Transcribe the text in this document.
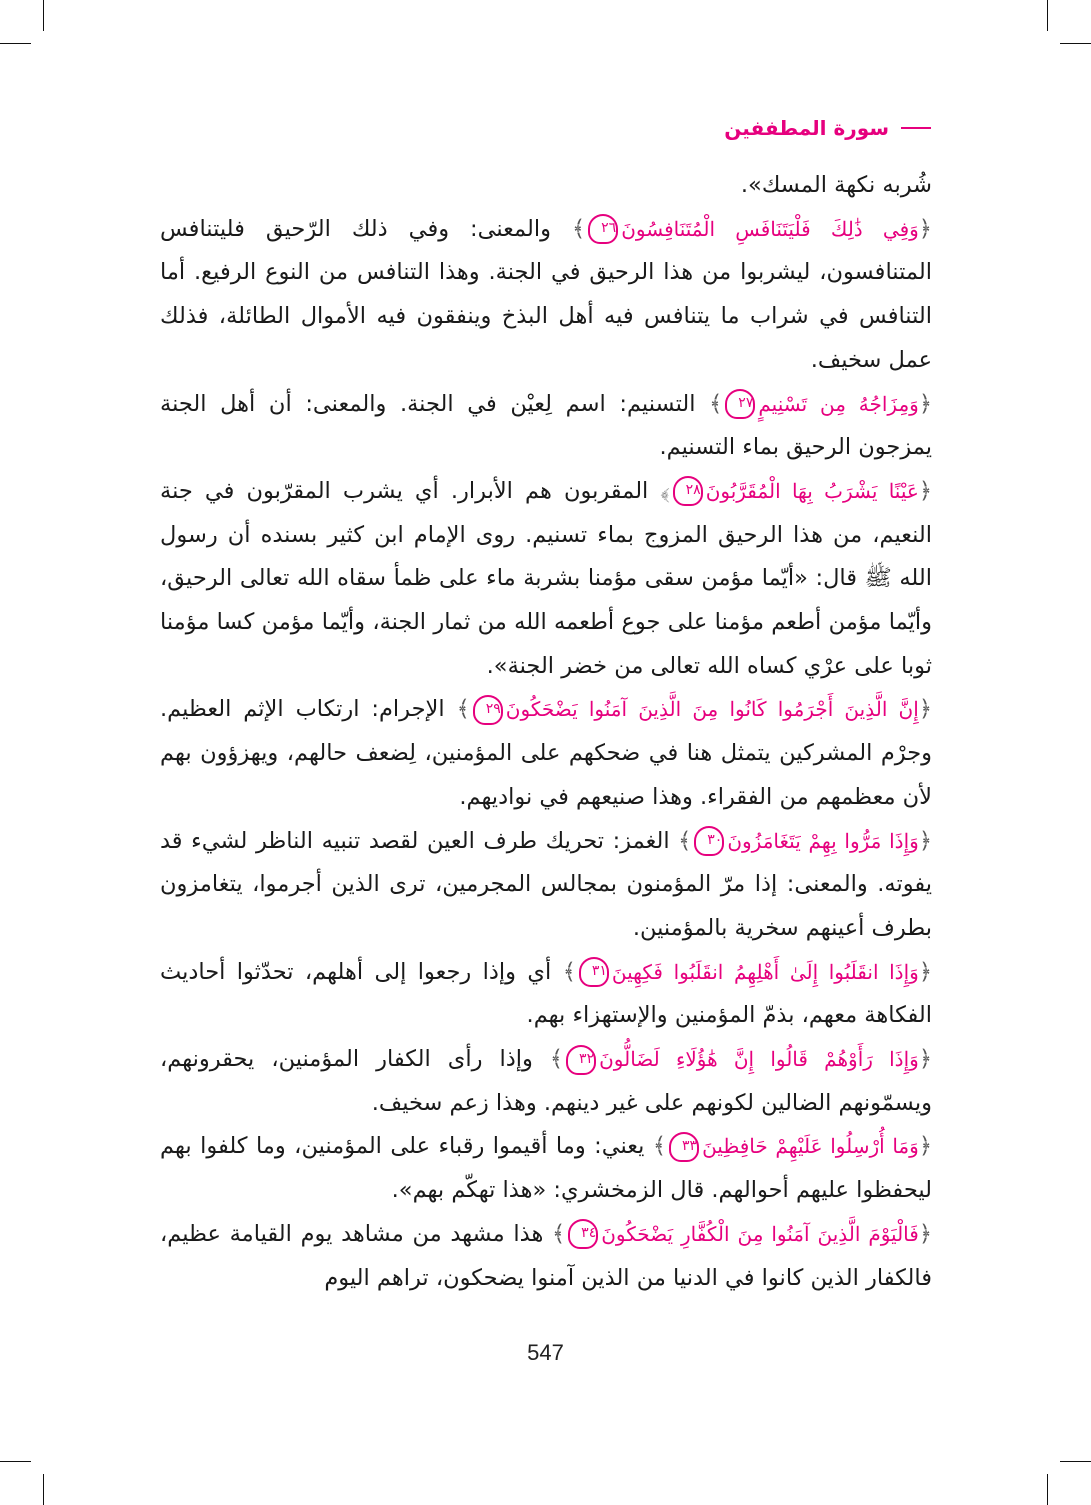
سورة المطففين

شُربه نكهة المسك».

﴿وَفِي ذَٰلِكَ فَلْيَتَنَافَسِ الْمُتَنَافِسُونَ٢٦﴾ والمعنى: وفي ذلك الرّحيق فليتنافس المتنافسون، ليشربوا من هذا الرحيق في الجنة. وهذا التنافس من النوع الرفيع. أما التنافس في شراب ما يتنافس فيه أهل البذخ وينفقون فيه الأموال الطائلة، فذلك عمل سخيف.

﴿وَمِزَاجُهُ مِن تَسْنِيمٍ٢٧﴾ التسنيم: اسم لِعيْن في الجنة. والمعنى: أن أهل الجنة يمزجون الرحيق بماء التسنيم.

﴿عَيْنًا يَشْرَبُ بِهَا الْمُقَرَّبُونَ٢٨﴾ المقربون هم الأبرار. أي يشرب المقرّبون في جنة النعيم، من هذا الرحيق المزوج بماء تسنيم. روى الإمام ابن كثير بسنده أن رسول الله ﷺ قال: «أيّما مؤمن سقى مؤمنا بشربة ماء على ظمأ سقاه الله تعالى الرحيق، وأيّما مؤمن أطعم مؤمنا على جوع أطعمه الله من ثمار الجنة، وأيّما مؤمن كسا مؤمنا ثوبا على عرْي كساه الله تعالى من خضر الجنة».

﴿إِنَّ الَّذِينَ أَجْرَمُوا كَانُوا مِنَ الَّذِينَ آمَنُوا يَضْحَكُونَ٢٩﴾ الإجرام: ارتكاب الإثم العظيم. وجرْم المشركين يتمثل هنا في ضحكهم على المؤمنين، لِضعف حالهم، ويهزؤون بهم لأن معظمهم من الفقراء. وهذا صنيعهم في نواديهم.

﴿وَإِذَا مَرُّوا بِهِمْ يَتَغَامَزُونَ٣٠﴾ الغمز: تحريك طرف العين لقصد تنبيه الناظر لشيء قد يفوته. والمعنى: إذا مرّ المؤمنون بمجالس المجرمين، ترى الذين أجرموا، يتغامزون بطرف أعينهم سخرية بالمؤمنين.

﴿وَإِذَا انقَلَبُوا إِلَىٰ أَهْلِهِمُ انقَلَبُوا فَكِهِينَ٣١﴾ أي وإذا رجعوا إلى أهلهم، تحدّثوا أحاديث الفكاهة معهم، بذمّ المؤمنين والإستهزاء بهم.

﴿وَإِذَا رَأَوْهُمْ قَالُوا إِنَّ هَٰؤُلَاءِ لَضَالُّونَ٣٢﴾ وإذا رأى الكفار المؤمنين، يحقرونهم، ويسمّونهم الضالين لكونهم على غير دينهم. وهذا زعم سخيف.

﴿وَمَا أُرْسِلُوا عَلَيْهِمْ حَافِظِينَ٣٣﴾ يعني: وما أقيموا رقباء على المؤمنين، وما كلفوا بهم ليحفظوا عليهم أحوالهم. قال الزمخشري: «هذا تهكّم بهم».

﴿فَالْيَوْمَ الَّذِينَ آمَنُوا مِنَ الْكُفَّارِ يَضْحَكُونَ٣٤﴾ هذا مشهد من مشاهد يوم القيامة عظيم، فالكفار الذين كانوا في الدنيا من الذين آمنوا يضحكون، تراهم اليوم

547
